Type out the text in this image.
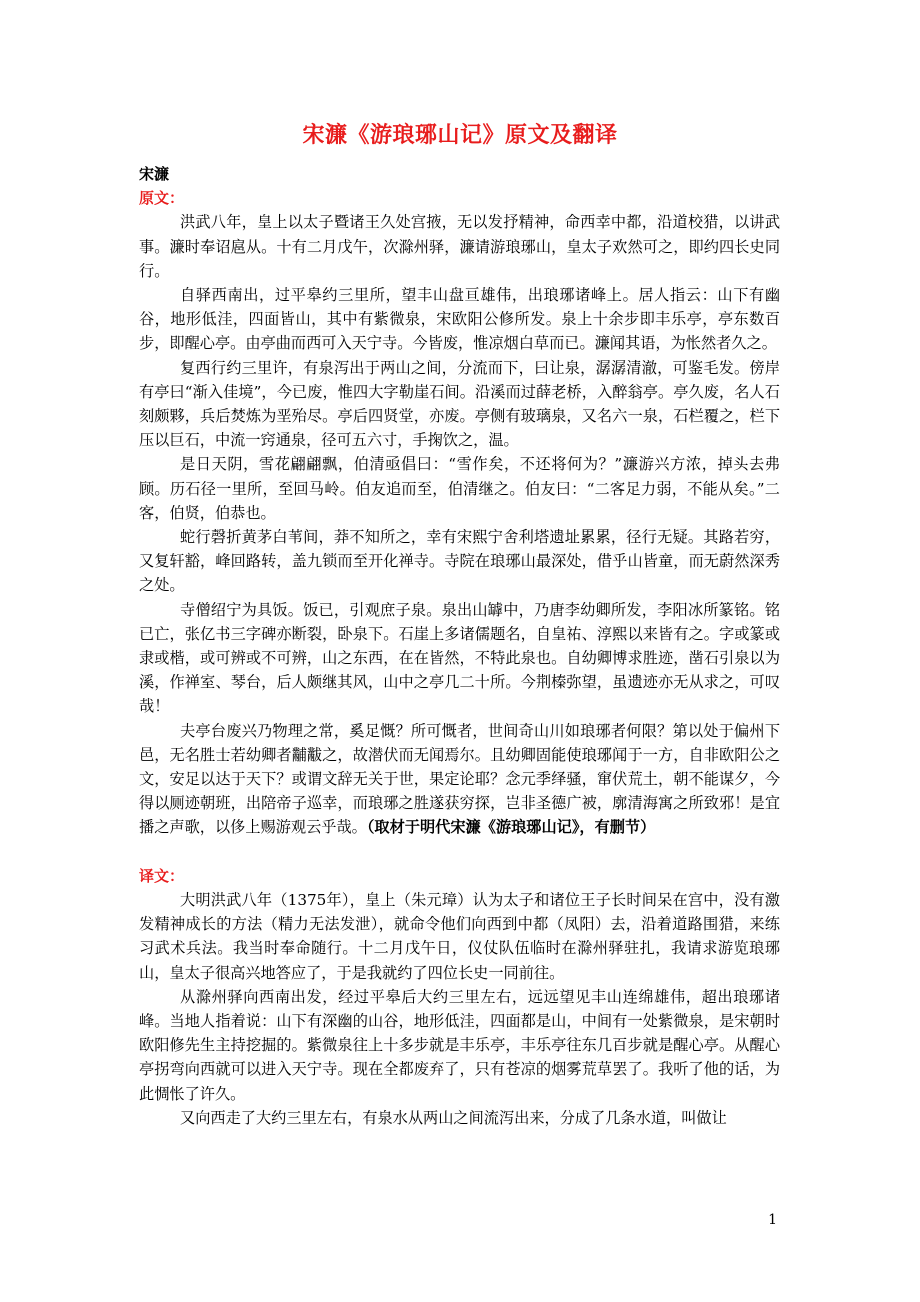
宋濂《游琅琊山记》原文及翻译
宋濂
原文：

洪武八年，皇上以太子暨诸王久处宫掖，无以发抒精神，命西幸中都，沿道校猎，以讲武事。濂时奉诏扈从。十有二月戊午，次滁州驿，濂请游琅琊山，皇太子欢然可之，即约四长史同行。

自驿西南出，过平皋约三里所，望丰山盘亘雄伟，出琅琊诸峰上。居人指云：山下有幽谷，地形低洼，四面皆山，其中有紫微泉，宋欧阳公修所发。泉上十余步即丰乐亭，亭东数百步，即醒心亭。由亭曲而西可入天宁寺。今皆废，惟凉烟白草而已。濂闻其语，为怅然者久之。

复西行约三里许，有泉泻出于两山之间，分流而下，曰让泉，潺潺清澈，可鉴毛发。傍岸有亭曰“渐入佳境”，今已废，惟四大字勒崖石间。沿溪而过薛老桥，入醉翁亭。亭久废，名人石刻颇夥，兵后焚炼为垩殆尽。亭后四贤堂，亦废。亭侧有玻璃泉，又名六一泉，石栏覆之，栏下压以巨石，中流一窍通泉，径可五六寸，手掬饮之，温。

是日天阴，雪花翩翩飘，伯清亟倡曰：“雪作矣，不还将何为？”濂游兴方浓，掉头去弗顾。历石径一里所，至回马岭。伯友追而至，伯清继之。伯友曰：“二客足力弱，不能从矣。”二客，伯贤，伯恭也。

蛇行磬折黄茅白苇间，莽不知所之，幸有宋熙宁舍利塔遗址累累，径行无疑。其路若穷，又复轩豁，峰回路转，盖九锁而至开化禅寺。寺院在琅琊山最深处，借乎山皆童，而无蔚然深秀之处。

寺僧绍宁为具饭。饭已，引观庶子泉。泉出山罅中，乃唐李幼卿所发，李阳冰所篆铭。铭已亡，张亿书三字碑亦断裂，卧泉下。石崖上多诸儒题名，自皇祐、淳熙以来皆有之。字或篆或隶或楷，或可辨或不可辨，山之东西，在在皆然，不特此泉也。自幼卿博求胜迹，凿石引泉以为溪，作禅室、琴台，后人颇继其风，山中之亭几二十所。今荆榛弥望，虽遗迹亦无从求之，可叹哉！

夫亭台废兴乃物理之常，奚足慨？所可慨者，世间奇山川如琅琊者何限？第以处于偏州下邑，无名胜士若幼卿者黼黻之，故潜伏而无闻焉尔。且幼卿固能使琅琊闻于一方，自非欧阳公之文，安足以达于天下？或谓文辞无关于世，果定论耶？念元季绎骚，窜伏荒土，朝不能谋夕，今得以厕迹朝班，出陪帝子巡幸，而琅琊之胜遂获穷探，岂非圣德广被，廓清海寓之所致邪！是宜播之声歌，以侈上赐游观云乎哉。（取材于明代宋濂《游琅琊山记》，有删节）

译文：

大明洪武八年（1375年），皇上（朱元璋）认为太子和诸位王子长时间呆在宫中，没有激发精神成长的方法（精力无法发泄），就命令他们向西到中都（凤阳）去，沿着道路围猎，来练习武术兵法。我当时奉命随行。十二月戊午日，仪仗队伍临时在滁州驿驻扎，我请求游览琅琊山，皇太子很高兴地答应了，于是我就约了四位长史一同前往。

从滁州驿向西南出发，经过平皋后大约三里左右，远远望见丰山连绵雄伟，超出琅琊诸峰。当地人指着说：山下有深幽的山谷，地形低洼，四面都是山，中间有一处紫微泉，是宋朝时欧阳修先生主持挖掘的。紫微泉往上十多步就是丰乐亭，丰乐亭往东几百步就是醒心亭。从醒心亭拐弯向西就可以进入天宁寺。现在全都废弃了，只有苍凉的烟雾荒草罢了。我听了他的话，为此惆怅了许久。

又向西走了大约三里左右，有泉水从两山之间流泻出来，分成了几条水道，叫做让

1
